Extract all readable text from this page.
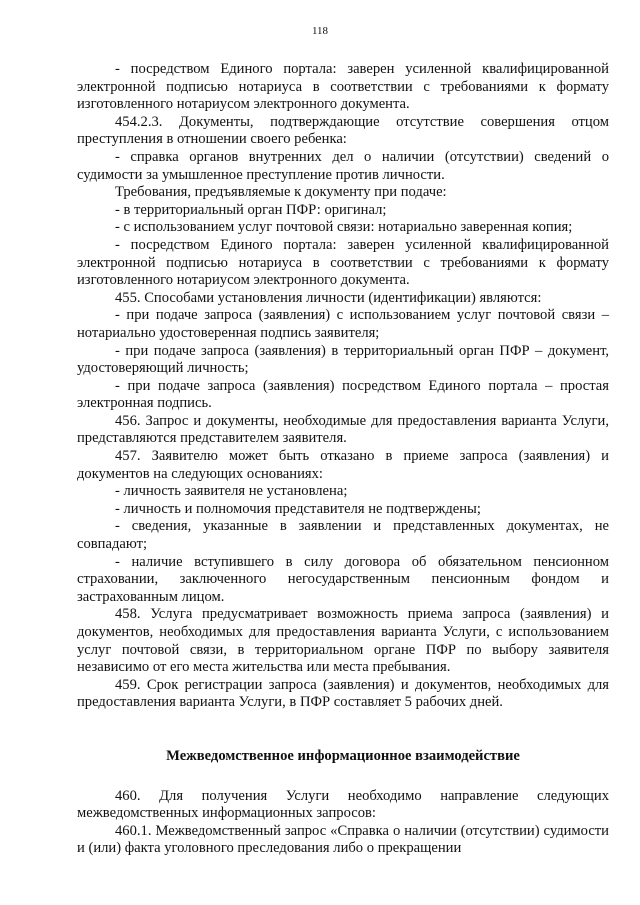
118

- посредством Единого портала: заверен усиленной квалифицированной электронной подписью нотариуса в соответствии с требованиями к формату изготовленного нотариусом электронного документа.

454.2.3. Документы, подтверждающие отсутствие совершения отцом преступления в отношении своего ребенка:

- справка органов внутренних дел о наличии (отсутствии) сведений о судимости за умышленное преступление против личности.

Требования, предъявляемые к документу при подаче:

- в территориальный орган ПФР: оригинал;

- с использованием услуг почтовой связи: нотариально заверенная копия;

- посредством Единого портала: заверен усиленной квалифицированной электронной подписью нотариуса в соответствии с требованиями к формату изготовленного нотариусом электронного документа.

455. Способами установления личности (идентификации) являются:

- при подаче запроса (заявления) с использованием услуг почтовой связи – нотариально удостоверенная подпись заявителя;

- при подаче запроса (заявления) в территориальный орган ПФР – документ, удостоверяющий личность;

- при подаче запроса (заявления) посредством Единого портала – простая электронная подпись.

456. Запрос и документы, необходимые для предоставления варианта Услуги, представляются представителем заявителя.

457. Заявителю может быть отказано в приеме запроса (заявления) и документов на следующих основаниях:

- личность заявителя не установлена;

- личность и полномочия представителя не подтверждены;

- сведения, указанные в заявлении и представленных документах, не совпадают;

- наличие вступившего в силу договора об обязательном пенсионном страховании, заключенного негосударственным пенсионным фондом и застрахованным лицом.

458. Услуга предусматривает возможность приема запроса (заявления) и документов, необходимых для предоставления варианта Услуги, с использованием услуг почтовой связи, в территориальном органе ПФР по выбору заявителя независимо от его места жительства или места пребывания.

459. Срок регистрации запроса (заявления) и документов, необходимых для предоставления варианта Услуги, в ПФР составляет 5 рабочих дней.

Межведомственное информационное взаимодействие

460. Для получения Услуги необходимо направление следующих межведомственных информационных запросов:

460.1. Межведомственный запрос «Справка о наличии (отсутствии) судимости и (или) факта уголовного преследования либо о прекращении
